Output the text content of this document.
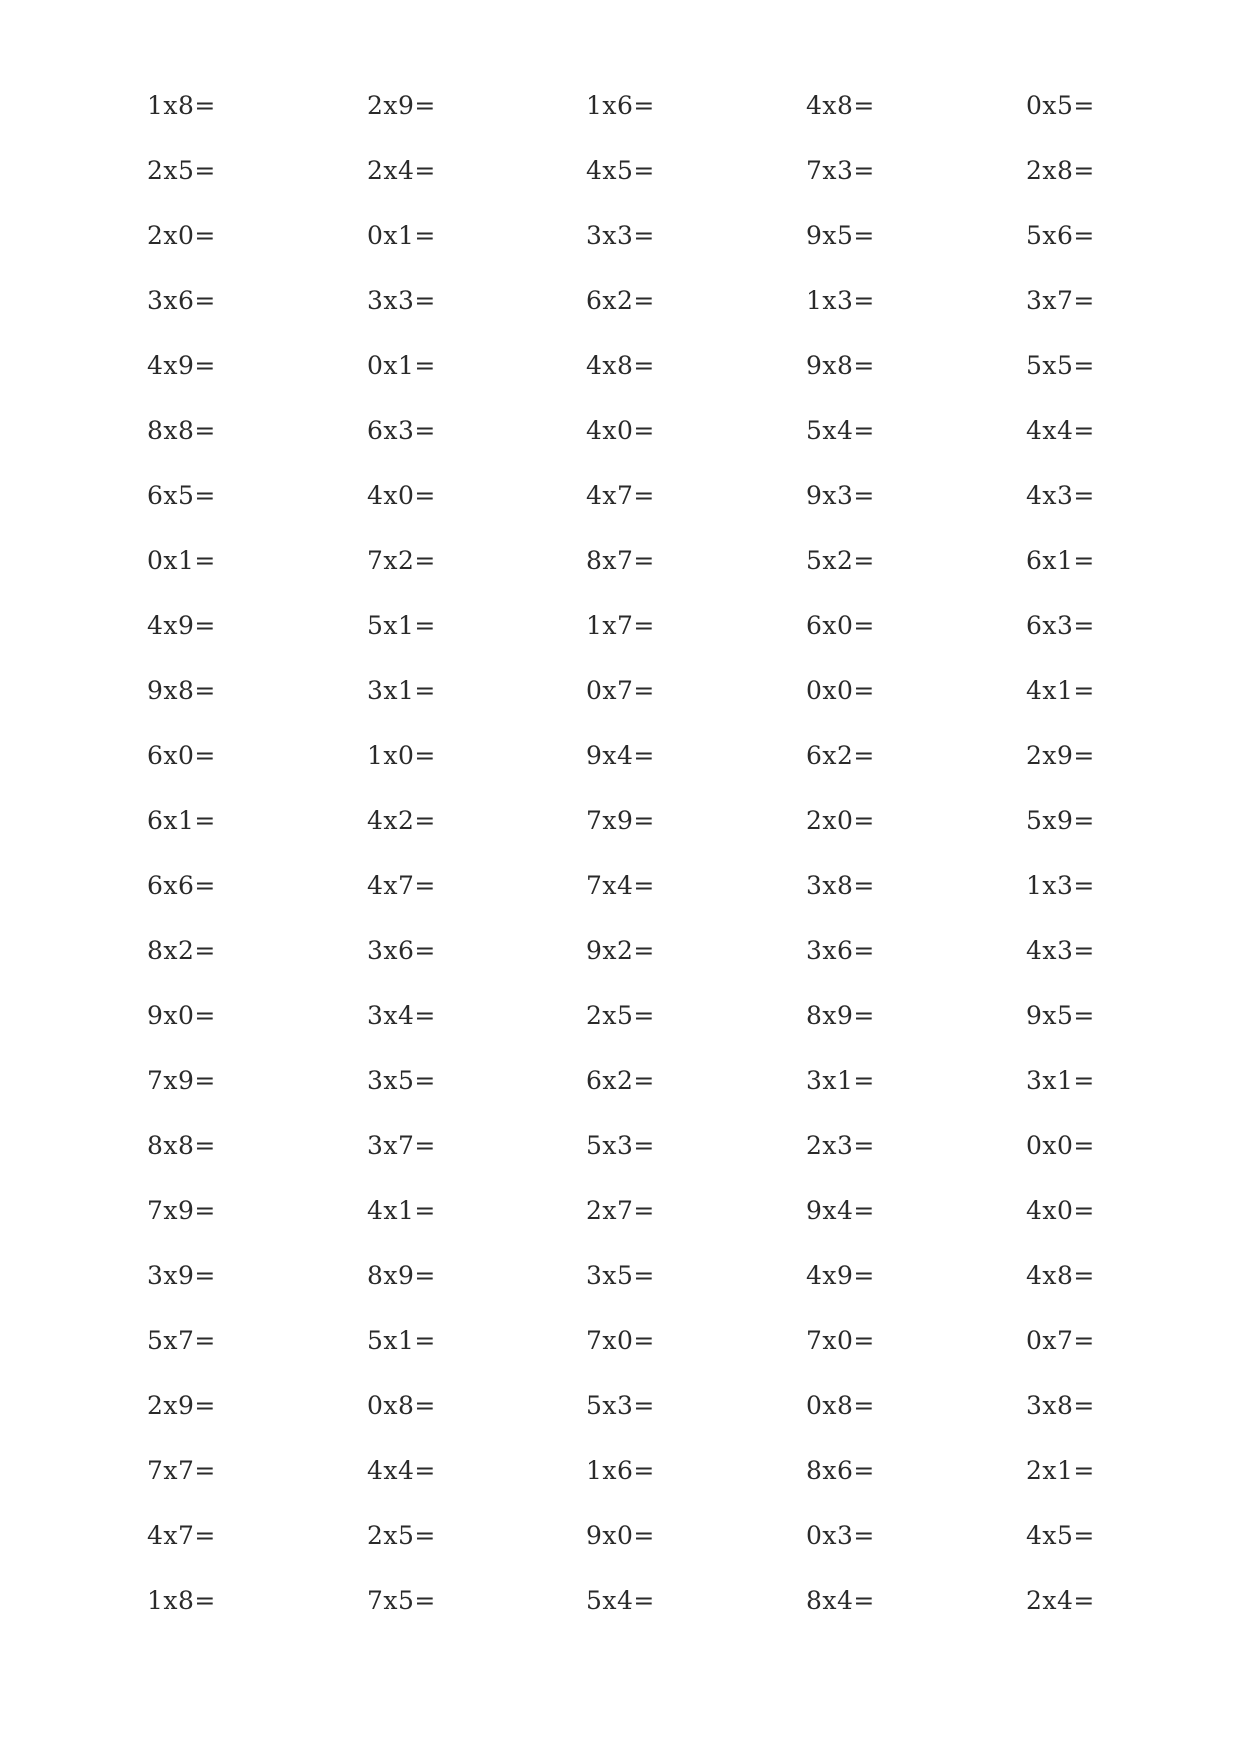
1x8=	2x9=	1x6=	4x8=	0x5=
2x5=	2x4=	4x5=	7x3=	2x8=
2x0=	0x1=	3x3=	9x5=	5x6=
3x6=	3x3=	6x2=	1x3=	3x7=
4x9=	0x1=	4x8=	9x8=	5x5=
8x8=	6x3=	4x0=	5x4=	4x4=
6x5=	4x0=	4x7=	9x3=	4x3=
0x1=	7x2=	8x7=	5x2=	6x1=
4x9=	5x1=	1x7=	6x0=	6x3=
9x8=	3x1=	0x7=	0x0=	4x1=
6x0=	1x0=	9x4=	6x2=	2x9=
6x1=	4x2=	7x9=	2x0=	5x9=
6x6=	4x7=	7x4=	3x8=	1x3=
8x2=	3x6=	9x2=	3x6=	4x3=
9x0=	3x4=	2x5=	8x9=	9x5=
7x9=	3x5=	6x2=	3x1=	3x1=
8x8=	3x7=	5x3=	2x3=	0x0=
7x9=	4x1=	2x7=	9x4=	4x0=
3x9=	8x9=	3x5=	4x9=	4x8=
5x7=	5x1=	7x0=	7x0=	0x7=
2x9=	0x8=	5x3=	0x8=	3x8=
7x7=	4x4=	1x6=	8x6=	2x1=
4x7=	2x5=	9x0=	0x3=	4x5=
1x8=	7x5=	5x4=	8x4=	2x4=
